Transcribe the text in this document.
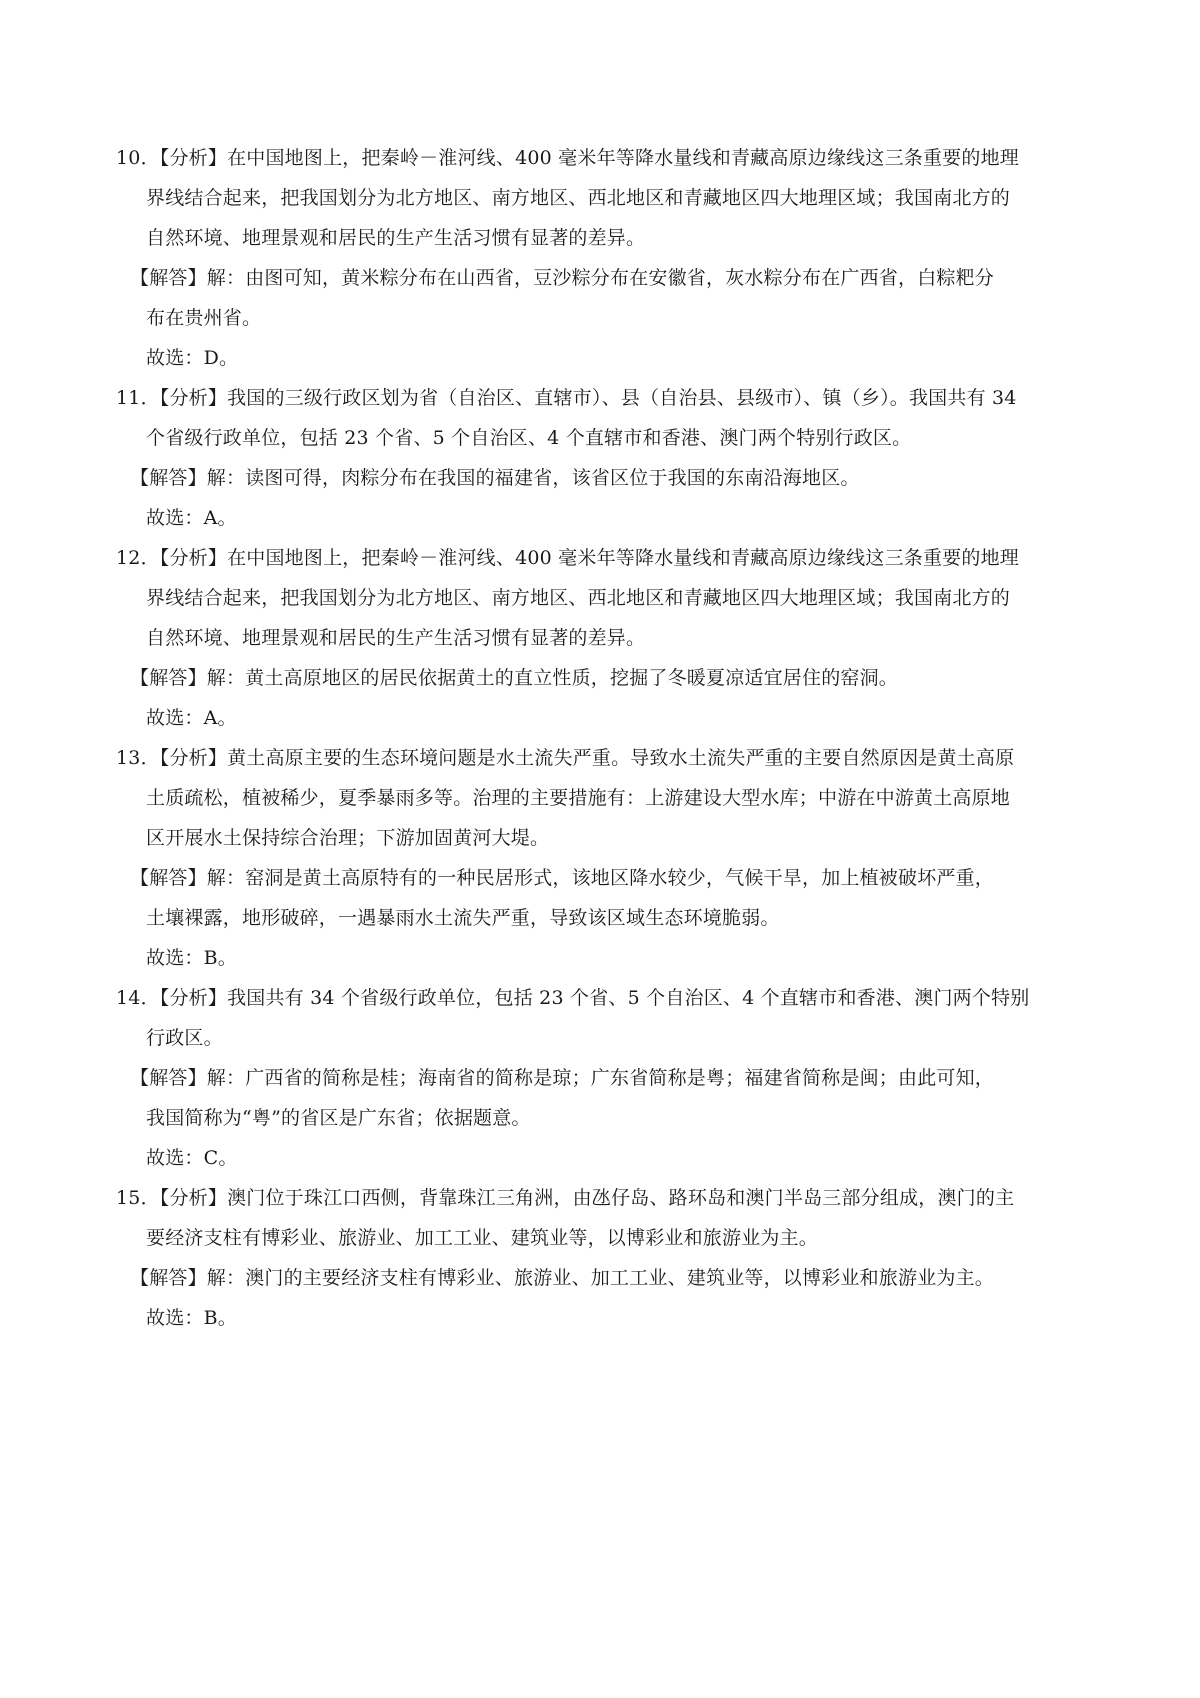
10．【分析】在中国地图上，把秦岭－淮河线、400 毫米年等降水量线和青藏高原边缘线这三条重要的地理
界线结合起来，把我国划分为北方地区、南方地区、西北地区和青藏地区四大地理区域；我国南北方的
自然环境、地理景观和居民的生产生活习惯有显著的差异。
【解答】解：由图可知，黄米粽分布在山西省，豆沙粽分布在安徽省，灰水粽分布在广西省，白粽粑分
布在贵州省。
故选：D。
11．【分析】我国的三级行政区划为省（自治区、直辖市）、县（自治县、县级市）、镇（乡）。我国共有 34
个省级行政单位，包括 23 个省、5 个自治区、4 个直辖市和香港、澳门两个特别行政区。
【解答】解：读图可得，肉粽分布在我国的福建省，该省区位于我国的东南沿海地区。
故选：A。
12．【分析】在中国地图上，把秦岭－淮河线、400 毫米年等降水量线和青藏高原边缘线这三条重要的地理
界线结合起来，把我国划分为北方地区、南方地区、西北地区和青藏地区四大地理区域；我国南北方的
自然环境、地理景观和居民的生产生活习惯有显著的差异。
【解答】解：黄土高原地区的居民依据黄土的直立性质，挖掘了冬暖夏凉适宜居住的窑洞。
故选：A。
13．【分析】黄土高原主要的生态环境问题是水土流失严重。导致水土流失严重的主要自然原因是黄土高原
土质疏松，植被稀少，夏季暴雨多等。治理的主要措施有：上游建设大型水库；中游在中游黄土高原地
区开展水土保持综合治理；下游加固黄河大堤。
【解答】解：窑洞是黄土高原特有的一种民居形式，该地区降水较少，气候干旱，加上植被破坏严重，
土壤裸露，地形破碎，一遇暴雨水土流失严重，导致该区域生态环境脆弱。
故选：B。
14．【分析】我国共有 34 个省级行政单位，包括 23 个省、5 个自治区、4 个直辖市和香港、澳门两个特别
行政区。
【解答】解：广西省的简称是桂；海南省的简称是琼；广东省简称是粤；福建省简称是闽；由此可知，
我国简称为“粤”的省区是广东省；依据题意。
故选：C。
15．【分析】澳门位于珠江口西侧，背靠珠江三角洲，由氹仔岛、路环岛和澳门半岛三部分组成，澳门的主
要经济支柱有博彩业、旅游业、加工工业、建筑业等，以博彩业和旅游业为主。
【解答】解：澳门的主要经济支柱有博彩业、旅游业、加工工业、建筑业等，以博彩业和旅游业为主。
故选：B。
